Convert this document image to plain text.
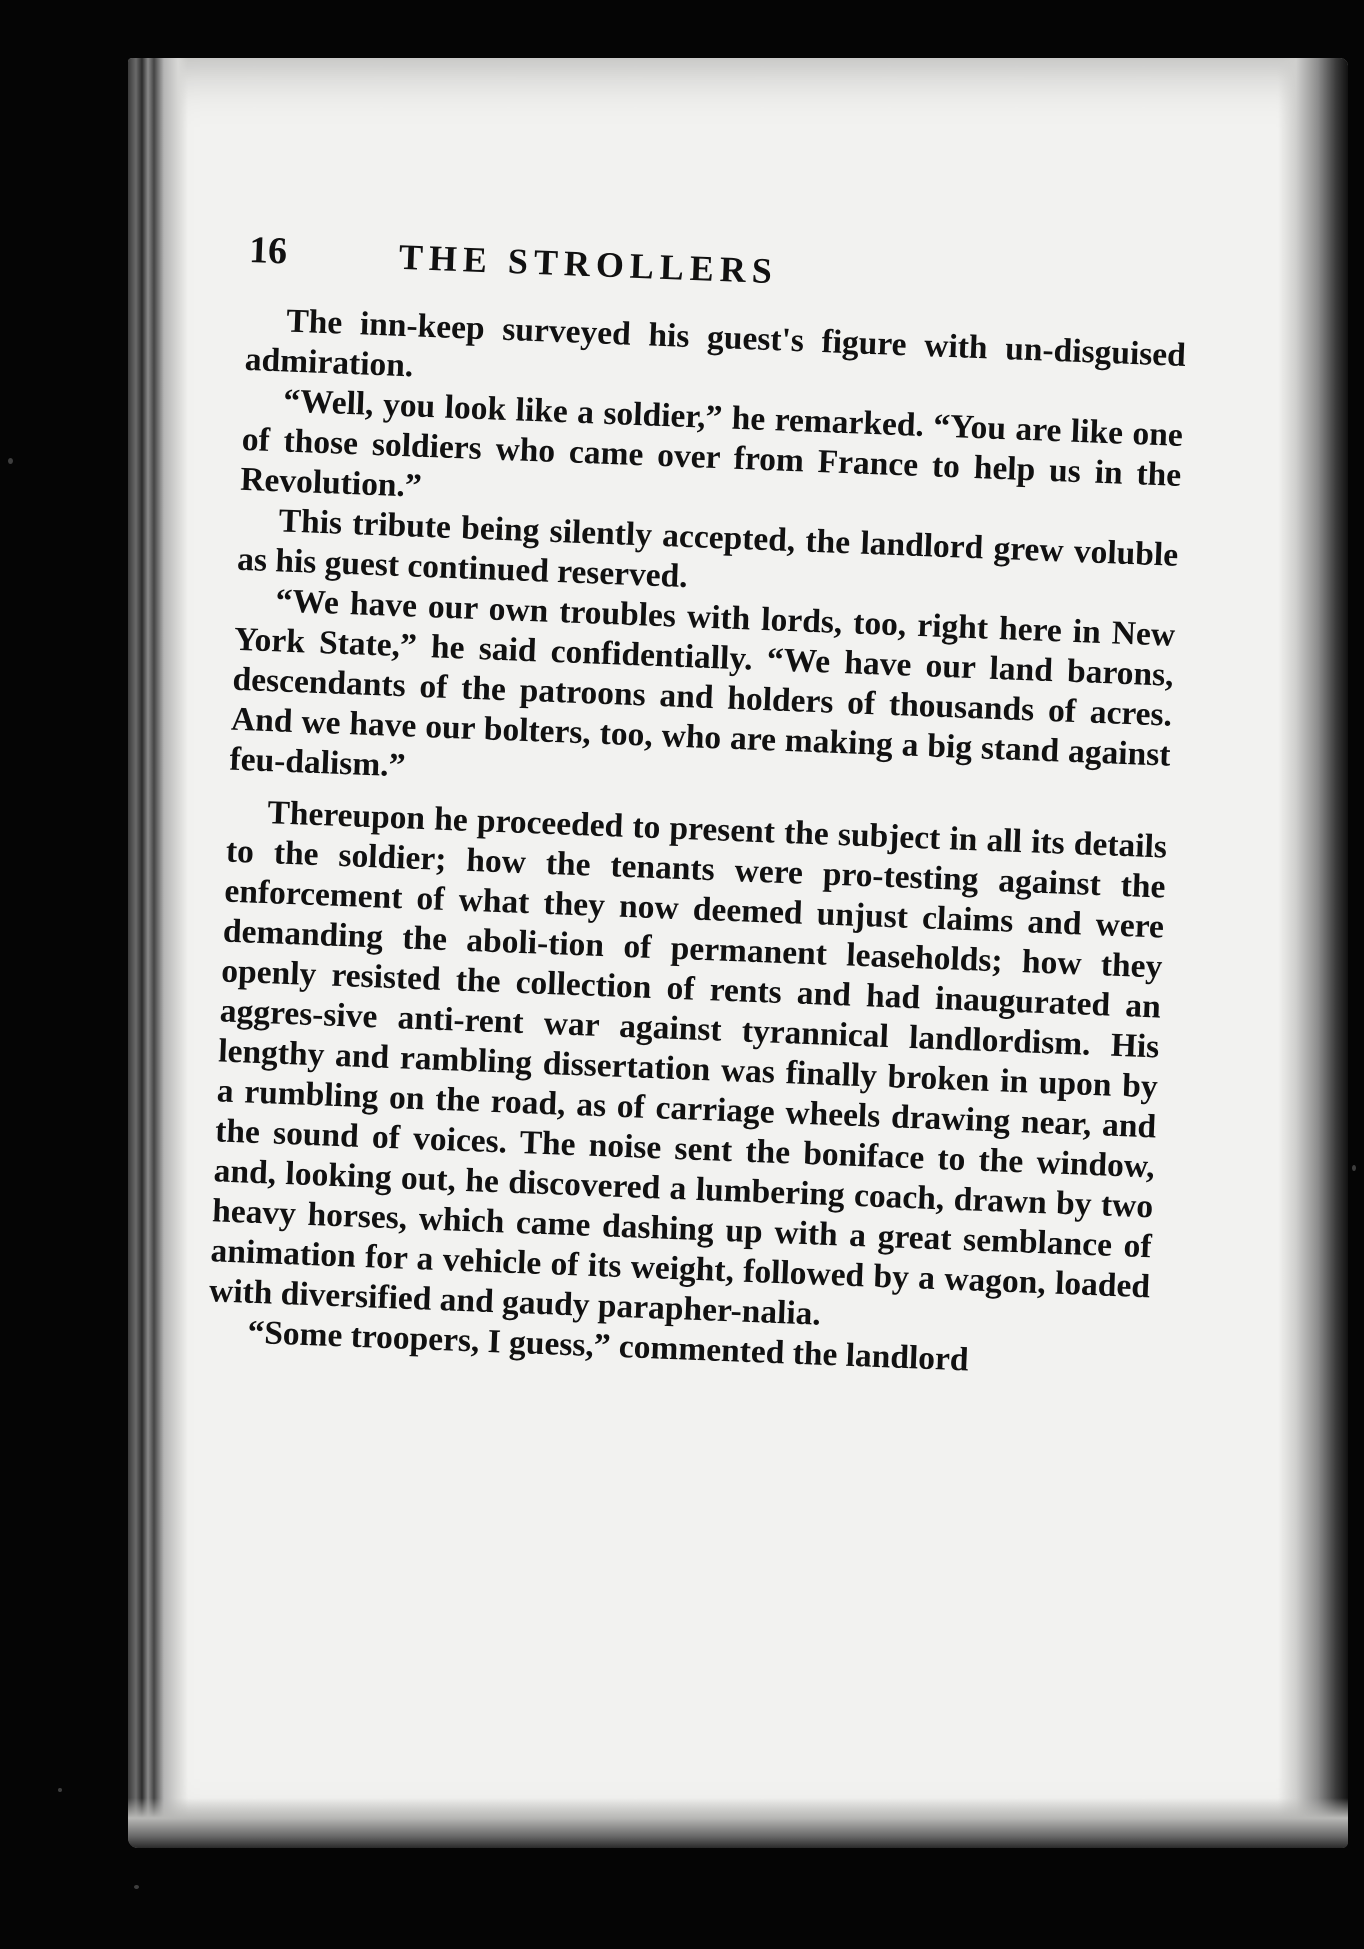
16	THE STROLLERS

The inn-keep surveyed his guest's figure with un-disguised admiration.

“Well, you look like a soldier,” he remarked. “You are like one of those soldiers who came over from France to help us in the Revolution.”

This tribute being silently accepted, the landlord grew voluble as his guest continued reserved.

“We have our own troubles with lords, too, right here in New York State,” he said confidentially. “We have our land barons, descendants of the patroons and holders of thousands of acres. And we have our bolters, too, who are making a big stand against feu-dalism.”

Thereupon he proceeded to present the subject in all its details to the soldier; how the tenants were pro-testing against the enforcement of what they now deemed unjust claims and were demanding the aboli-tion of permanent leaseholds; how they openly resisted the collection of rents and had inaugurated an aggres-sive anti-rent war against tyrannical landlordism. His lengthy and rambling dissertation was finally broken in upon by a rumbling on the road, as of carriage wheels drawing near, and the sound of voices. The noise sent the boniface to the window, and, looking out, he discovered a lumbering coach, drawn by two heavy horses, which came dashing up with a great semblance of animation for a vehicle of its weight, followed by a wagon, loaded with diversified and gaudy parapher-nalia.

“Some troopers, I guess,” commented the landlord
